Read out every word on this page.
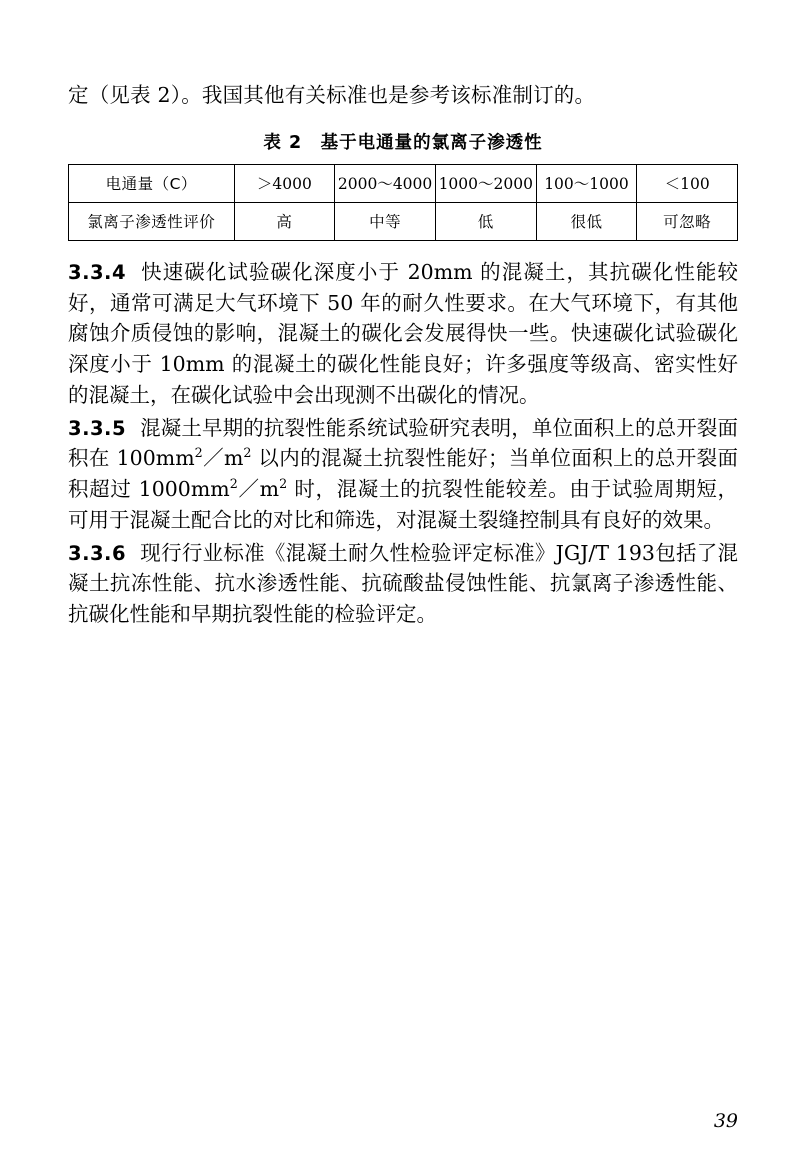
定（见表 2）。我国其他有关标准也是参考该标准制订的。

表 2　基于电通量的氯离子渗透性
电通量（C）	＞4000	2000～4000	1000～2000	100～1000	＜100
氯离子渗透性评价	高	中等	低	很低	可忽略

3.3.4 快速碳化试验碳化深度小于 20mm 的混凝土，其抗碳化性能较好，通常可满足大气环境下 50 年的耐久性要求。在大气环境下，有其他腐蚀介质侵蚀的影响，混凝土的碳化会发展得快一些。快速碳化试验碳化深度小于 10mm 的混凝土的碳化性能良好；许多强度等级高、密实性好的混凝土，在碳化试验中会出现测不出碳化的情况。

3.3.5 混凝土早期的抗裂性能系统试验研究表明，单位面积上的总开裂面积在 $100mm^2/m^2$ 以内的混凝土抗裂性能好；当单位面积上的总开裂面积超过 $1000mm^2/m^2$ 时，混凝土的抗裂性能较差。由于试验周期短，可用于混凝土配合比的对比和筛选，对混凝土裂缝控制具有良好的效果。

3.3.6 现行行业标准《混凝土耐久性检验评定标准》JGJ/T 193包括了混凝土抗冻性能、抗水渗透性能、抗硫酸盐侵蚀性能、抗氯离子渗透性能、抗碳化性能和早期抗裂性能的检验评定。

39
